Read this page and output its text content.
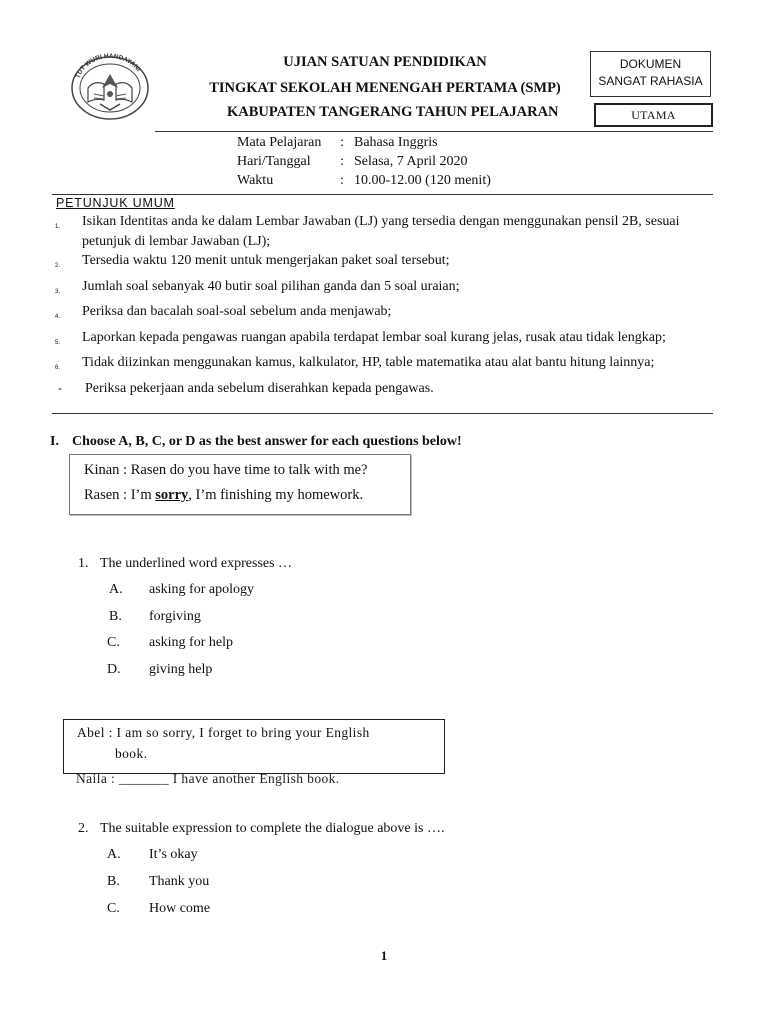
TUT WURI HANDAYANI
UJIAN SATUAN PENDIDIKAN
TINGKAT SEKOLAH MENENGAH PERTAMA (SMP)
KABUPATEN TANGERANG TAHUN PELAJARAN
DOKUMEN
SANGAT RAHASIA
UTAMA
Mata Pelajaran : Bahasa Inggris
Hari/Tanggal : Selasa, 7 April 2020
Waktu	: 10.00-12.00 (120 menit)
PETUNJUK UMUM
1.	Isikan Identitas anda ke dalam Lembar Jawaban (LJ) yang tersedia dengan menggunakan pensil 2B, sesuai petunjuk di lembar Jawaban (LJ);
2.	Tersedia waktu 120 menit untuk mengerjakan paket soal tersebut;
3.	Jumlah soal sebanyak 40 butir soal pilihan ganda dan 5 soal uraian;
4.	Periksa dan bacalah soal-soal sebelum anda menjawab;
5.	Laporkan kepada pengawas ruangan apabila terdapat lembar soal kurang jelas, rusak atau tidak lengkap;
6.	Tidak diizinkan menggunakan kamus, kalkulator, HP, table matematika atau alat bantu hitung lainnya;
-	Periksa pekerjaan anda sebelum diserahkan kepada pengawas.
I. Choose A, B, C, or D as the best answer for each questions below!
Kinan : Rasen do you have time to talk with me?
Rasen : I’m sorry, I’m finishing my homework.
1. The underlined word expresses …
A. asking for apology
B. forgiving
C. asking for help
D. giving help
Abel : I am so sorry, I forget to bring your English
book.
Naila : _______ I have another English book.
2. The suitable expression to complete the dialogue above is ….
A. It’s okay
B. Thank you
C. How come
1
